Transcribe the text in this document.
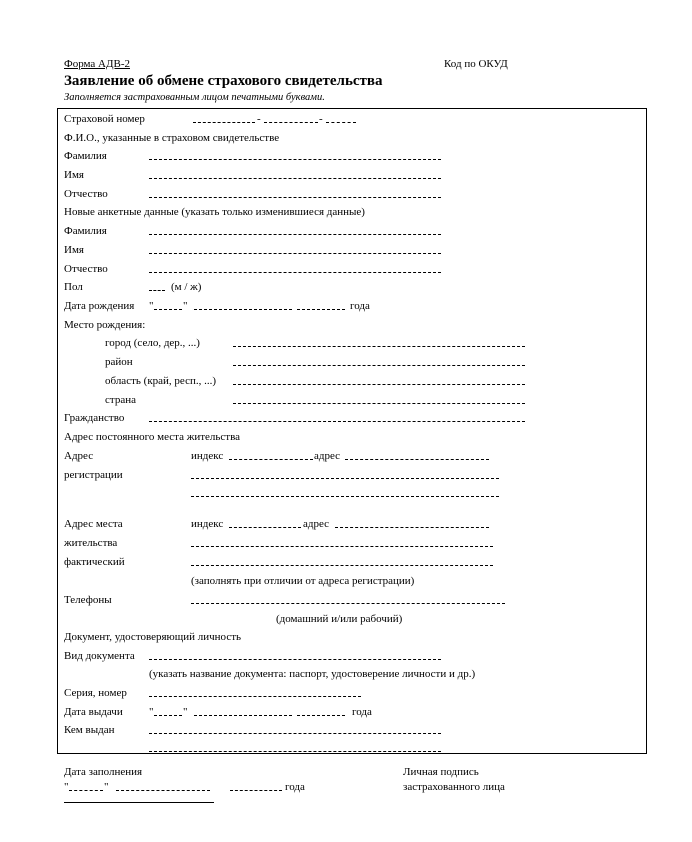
Форма АДВ-2	Код по ОКУД
Заявление об обмене страхового свидетельства
Заполняется застрахованным лицом печатными буквами.
Страховой номер	-	-
Ф.И.О., указанные в страховом свидетельстве
Фамилия
Имя
Отчество
Новые анкетные данные (указать только изменившиеся данные)
Фамилия
Имя
Отчество
Пол	(м / ж)
Дата рождения "	"	года
Место рождения:
город (село, дер., ...)
район
область (край, респ., ...)
страна
Гражданство
Адрес постоянного места жительства
Адрес
регистрации
индекс	адрес
Адрес места
жительства
фактический
индекс	адрес
(заполнять при отличии от адреса регистрации)
Телефоны
(домашний и/или рабочий)
Документ, удостоверяющий личность
Вид документа
(указать название документа: паспорт, удостоверение личности и др.)
Серия, номер
Дата выдачи "	"	года
Кем выдан
Дата заполнения
"	"	года
Личная подпись
застрахованного лица
